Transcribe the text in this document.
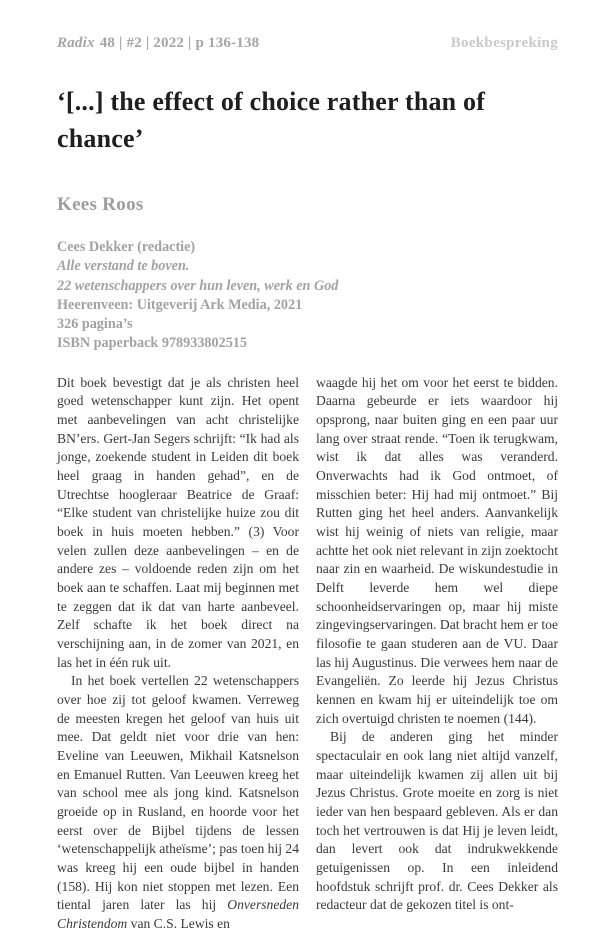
Radix 48 | #2 | 2022 | p 136-138	Boekbespreking
‘[...] the effect of choice rather than of chance’
Kees Roos
Cees Dekker (redactie)
Alle verstand te boven.
22 wetenschappers over hun leven, werk en God
Heerenveen: Uitgeverij Ark Media, 2021
326 pagina’s
ISBN paperback 978933802515

Dit boek bevestigt dat je als christen heel goed wetenschapper kunt zijn. Het opent met aanbevelingen van acht christelijke BN’ers. Gert-Jan Segers schrijft: “Ik had als jonge, zoekende student in Leiden dit boek heel graag in handen gehad”, en de Utrechtse hoogleraar Beatrice de Graaf: “Elke student van christelijke huize zou dit boek in huis moeten hebben.” (3) Voor velen zullen deze aanbevelingen – en de andere zes – voldoende reden zijn om het boek aan te schaffen. Laat mij beginnen met te zeggen dat ik dat van harte aanbeveel. Zelf schafte ik het boek direct na verschijning aan, in de zomer van 2021, en las het in één ruk uit.

In het boek vertellen 22 wetenschappers over hoe zij tot geloof kwamen. Verreweg de meesten kregen het geloof van huis uit mee. Dat geldt niet voor drie van hen: Eveline van Leeuwen, Mikhail Katsnelson en Emanuel Rutten. Van Leeuwen kreeg het van school mee als jong kind. Katsnelson groeide op in Rusland, en hoorde voor het eerst over de Bijbel tijdens de lessen ‘wetenschappelijk atheïsme’; pas toen hij 24 was kreeg hij een oude bijbel in handen (158). Hij kon niet stoppen met lezen. Een tiental jaren later las hij Onversneden Christendom van C.S. Lewis en

waagde hij het om voor het eerst te bidden. Daarna gebeurde er iets waardoor hij opsprong, naar buiten ging en een paar uur lang over straat rende. “Toen ik terugkwam, wist ik dat alles was veranderd. Onverwachts had ik God ontmoet, of misschien beter: Hij had mij ontmoet.” Bij Rutten ging het heel anders. Aanvankelijk wist hij weinig of niets van religie, maar achtte het ook niet relevant in zijn zoektocht naar zin en waarheid. De wiskundestudie in Delft leverde hem wel diepe schoonheidservaringen op, maar hij miste zingevingservaringen. Dat bracht hem er toe filosofie te gaan studeren aan de VU. Daar las hij Augustinus. Die verwees hem naar de Evangeliën. Zo leerde hij Jezus Christus kennen en kwam hij er uiteindelijk toe om zich overtuigd christen te noemen (144).

Bij de anderen ging het minder spectaculair en ook lang niet altijd vanzelf, maar uiteindelijk kwamen zij allen uit bij Jezus Christus. Grote moeite en zorg is niet ieder van hen bespaard gebleven. Als er dan toch het vertrouwen is dat Hij je leven leidt, dan levert ook dat indrukwekkende getuigenissen op. In een inleidend hoofdstuk schrijft prof. dr. Cees Dekker als redacteur dat de gekozen titel is ont-
